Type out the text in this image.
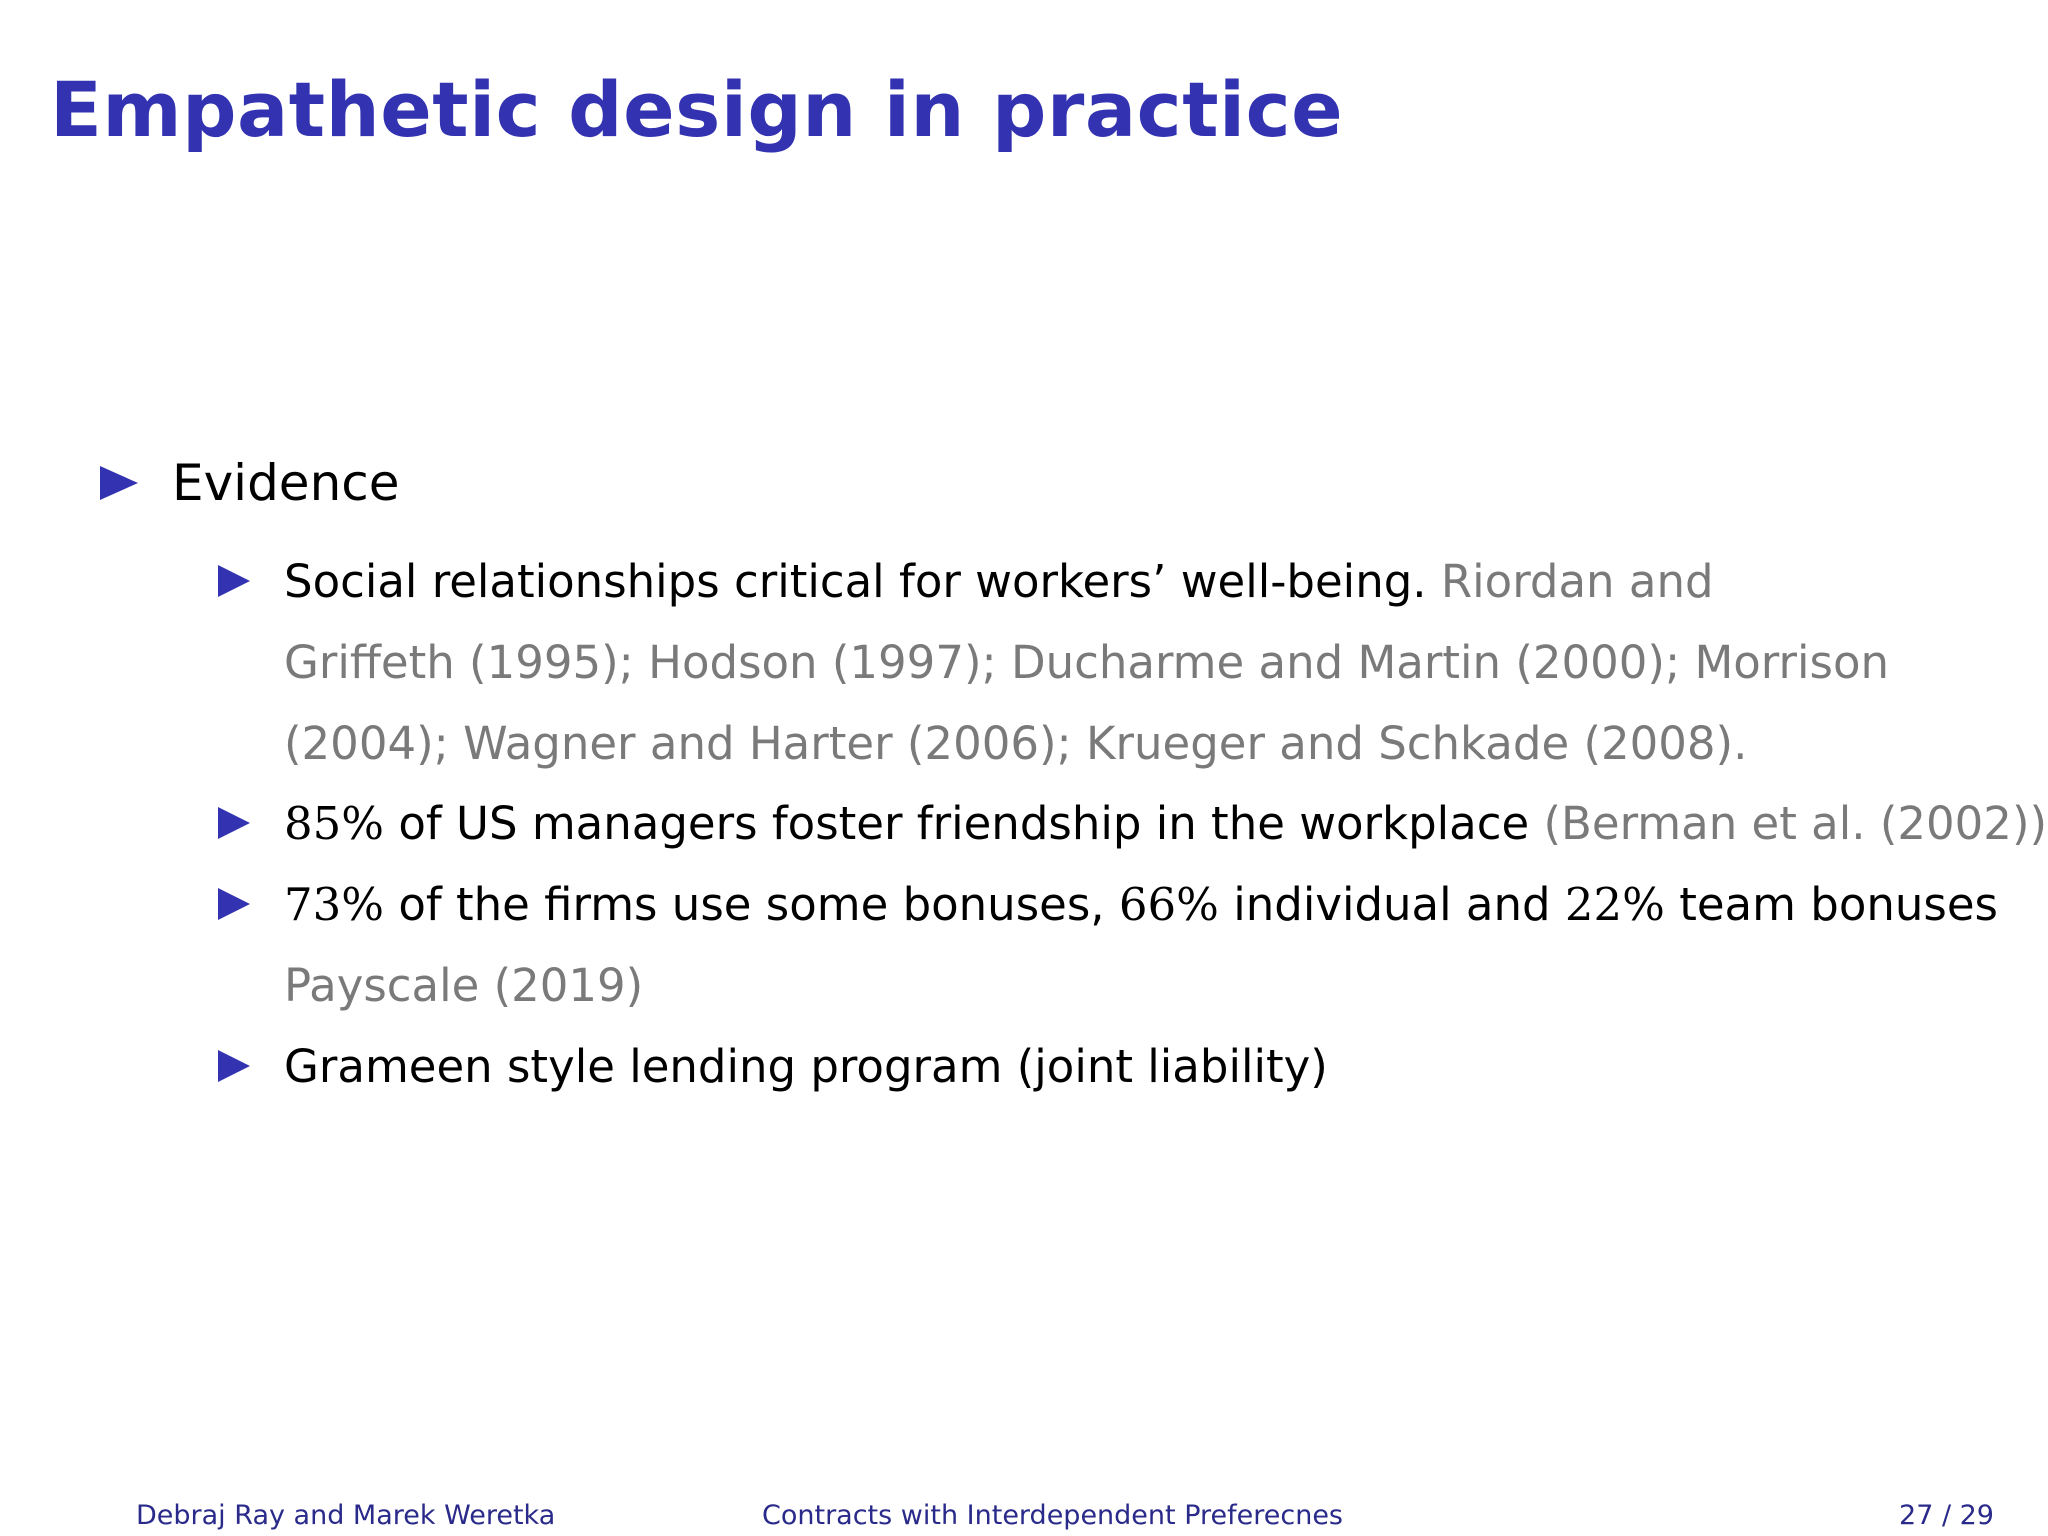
Empathetic design in practice
Evidence
Social relationships critical for workers’ well-being. Riordan and
Griffeth (1995); Hodson (1997); Ducharme and Martin (2000); Morrison
(2004); Wagner and Harter (2006); Krueger and Schkade (2008).
85% of US managers foster friendship in the workplace (Berman et al. (2002))
73% of the firms use some bonuses, 66% individual and 22% team bonuses
Payscale (2019)
Grameen style lending program (joint liability)
Debraj Ray and Marek Weretka	Contracts with Interdependent Preferecnes	27 / 29
